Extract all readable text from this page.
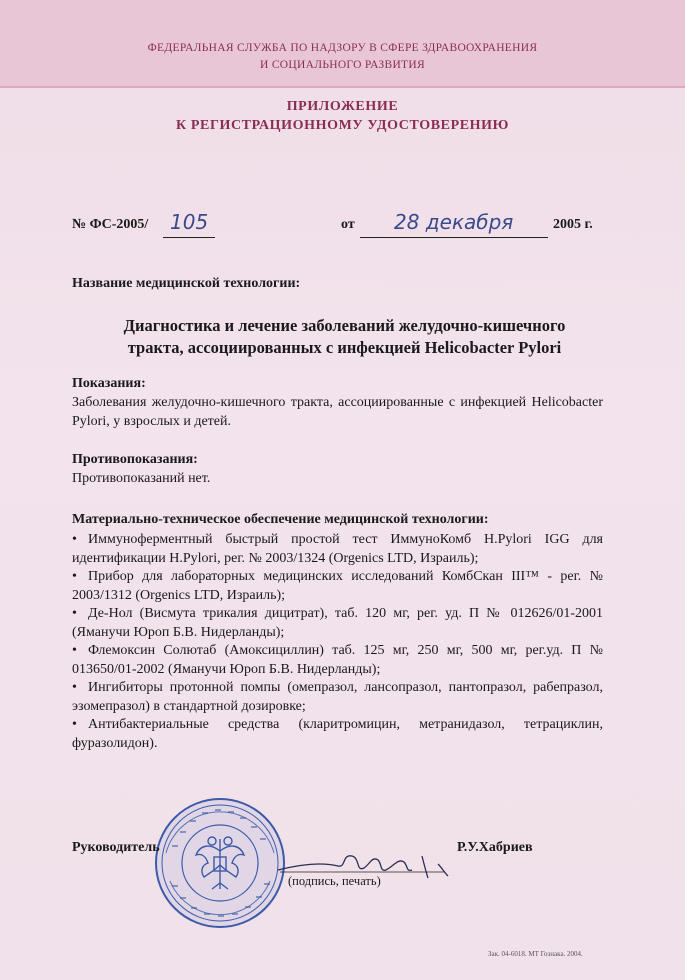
ФЕДЕРАЛЬНАЯ СЛУЖБА ПО НАДЗОРУ В СФЕРЕ ЗДРАВООХРАНЕНИЯ
И СОЦИАЛЬНОГО РАЗВИТИЯ
ПРИЛОЖЕНИЕ
К РЕГИСТРАЦИОННОМУ УДОСТОВЕРЕНИЮ
№ ФС-2005/ 105	от 28 декабря	2005 г.
Название медицинской технологии:
Диагностика и лечение заболеваний желудочно-кишечного
тракта, ассоциированных с инфекцией Helicobacter Pylori
Показания:
Заболевания желудочно-кишечного тракта, ассоциированные с инфекцией Helicobacter Pylori, у взрослых и детей.
Противопоказания:
Противопоказаний нет.
Материально-техническое обеспечение медицинской технологии:
• Иммуноферментный быстрый простой тест ИммуноКомб H.Pylori IGG для идентификации H.Pylori, рег. № 2003/1324 (Orgenics LTD, Израиль);
• Прибор для лабораторных медицинских исследований КомбСкан III™ - рег. № 2003/1312 (Orgenics LTD, Израиль);
• Де-Нол (Висмута трикалия дицитрат), таб. 120 мг, рег. уд. П № 012626/01-2001 (Яманучи Юроп Б.В. Нидерланды);
• Флемоксин Солютаб (Амоксициллин) таб. 125 мг, 250 мг, 500 мг, рег.уд. П № 013650/01-2002 (Яманучи Юроп Б.В. Нидерланды);
• Ингибиторы протонной помпы (омепразол, лансопразол, пантопразол, рабепразол, эзомепразол) в стандартной дозировке;
• Антибактериальные средства (кларитромицин, метранидазол, тетрациклин, фуразолидон).
Руководитель	Р.У.Хабриев
(подпись, печать)
Зак. 04-6018. МТ Гознака. 2004.
